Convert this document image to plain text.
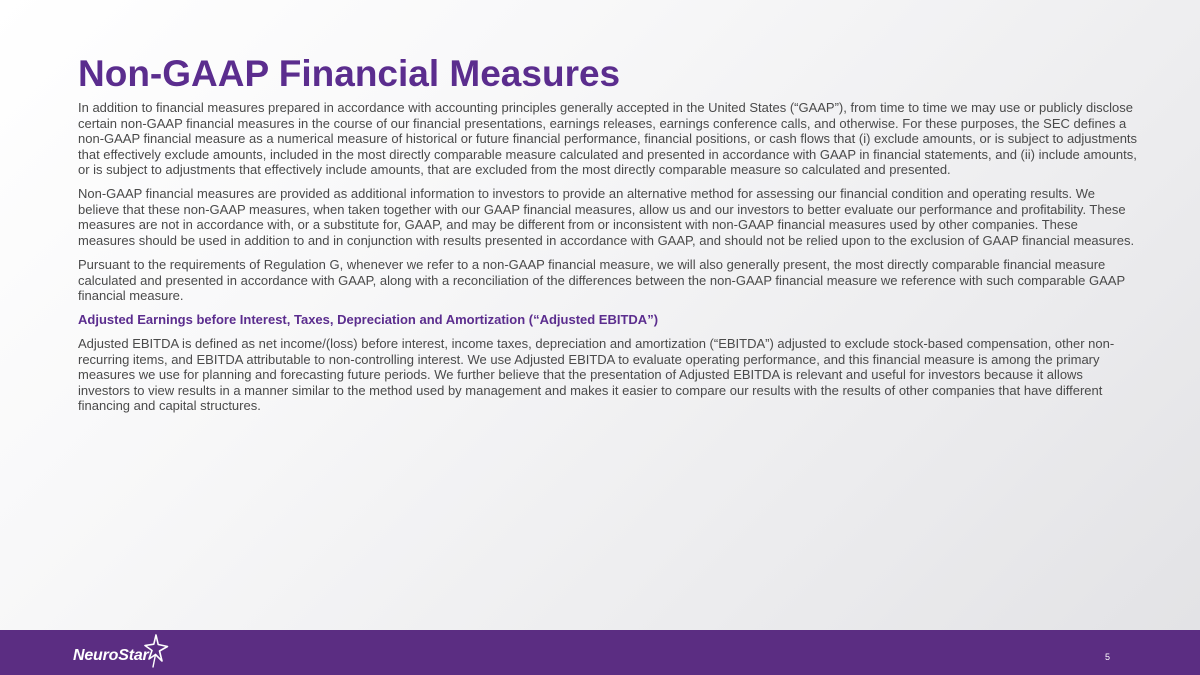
Non-GAAP Financial Measures

In addition to financial measures prepared in accordance with accounting principles generally accepted in the United States (“GAAP”), from time to time we may use or publicly disclose certain non-GAAP financial measures in the course of our financial presentations, earnings releases, earnings conference calls, and otherwise. For these purposes, the SEC defines a non-GAAP financial measure as a numerical measure of historical or future financial performance, financial positions, or cash flows that (i) exclude amounts, or is subject to adjustments that effectively exclude amounts, included in the most directly comparable measure calculated and presented in accordance with GAAP in financial statements, and (ii) include amounts, or is subject to adjustments that effectively include amounts, that are excluded from the most directly comparable measure so calculated and presented.

Non-GAAP financial measures are provided as additional information to investors to provide an alternative method for assessing our financial condition and operating results. We believe that these non-GAAP measures, when taken together with our GAAP financial measures, allow us and our investors to better evaluate our performance and profitability. These measures are not in accordance with, or a substitute for, GAAP, and may be different from or inconsistent with non-GAAP financial measures used by other companies. These measures should be used in addition to and in conjunction with results presented in accordance with GAAP, and should not be relied upon to the exclusion of GAAP financial measures.

Pursuant to the requirements of Regulation G, whenever we refer to a non-GAAP financial measure, we will also generally present, the most directly comparable financial measure calculated and presented in accordance with GAAP, along with a reconciliation of the differences between the non-GAAP financial measure we reference with such comparable GAAP financial measure.

Adjusted Earnings before Interest, Taxes, Depreciation and Amortization (“Adjusted EBITDA”)

Adjusted EBITDA is defined as net income/(loss) before interest, income taxes, depreciation and amortization (“EBITDA”) adjusted to exclude stock-based compensation, other non-recurring items, and EBITDA attributable to non-controlling interest. We use Adjusted EBITDA to evaluate operating performance, and this financial measure is among the primary measures we use for planning and forecasting future periods. We further believe that the presentation of Adjusted EBITDA is relevant and useful for investors because it allows investors to view results in a manner similar to the method used by management and makes it easier to compare our results with the results of other companies that have different financing and capital structures.

NeuroStar	5
